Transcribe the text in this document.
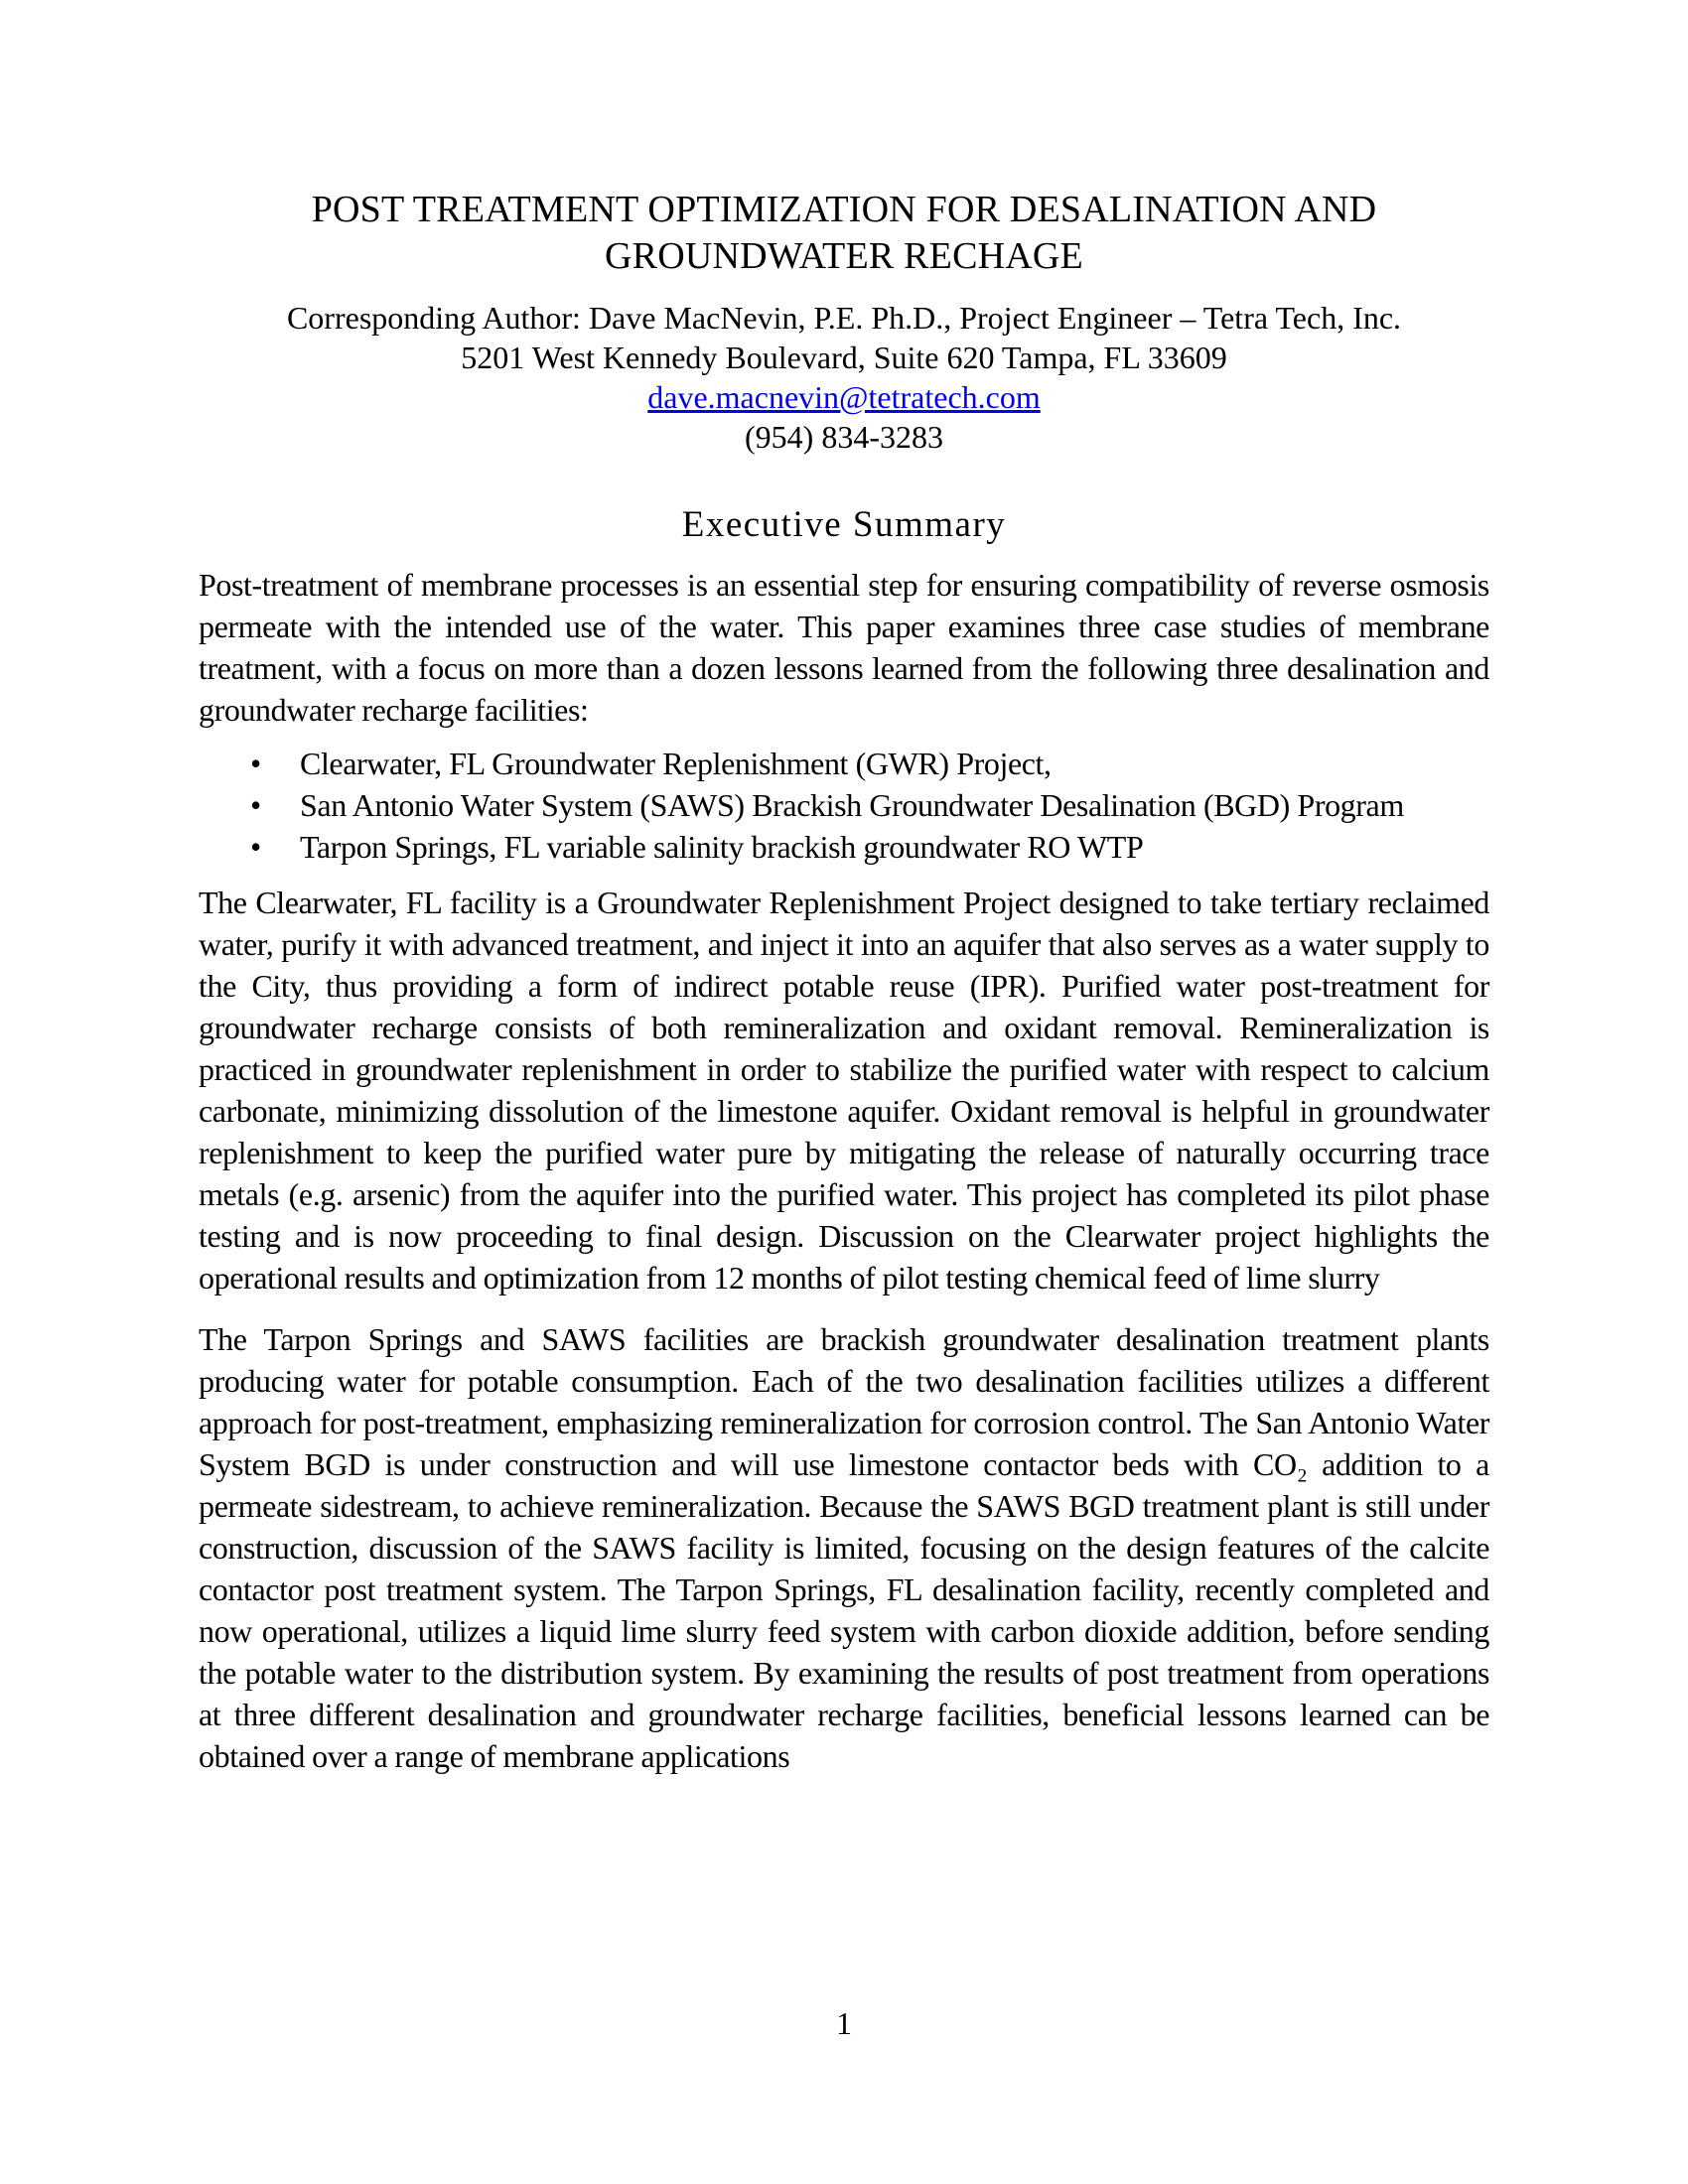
POST TREATMENT OPTIMIZATION FOR DESALINATION AND
GROUNDWATER RECHAGE
Corresponding Author: Dave MacNevin, P.E. Ph.D., Project Engineer – Tetra Tech, Inc.
5201 West Kennedy Boulevard, Suite 620 Tampa, FL 33609
dave.macnevin@tetratech.com
(954) 834-3283
Executive Summary

Post-treatment of membrane processes is an essential step for ensuring compatibility of reverse osmosis permeate with the intended use of the water. This paper examines three case studies of membrane treatment, with a focus on more than a dozen lessons learned from the following three desalination and groundwater recharge facilities:

• Clearwater, FL Groundwater Replenishment (GWR) Project,
• San Antonio Water System (SAWS) Brackish Groundwater Desalination (BGD) Program
• Tarpon Springs, FL variable salinity brackish groundwater RO WTP

The Clearwater, FL facility is a Groundwater Replenishment Project designed to take tertiary reclaimed water, purify it with advanced treatment, and inject it into an aquifer that also serves as a water supply to the City, thus providing a form of indirect potable reuse (IPR). Purified water post-treatment for groundwater recharge consists of both remineralization and oxidant removal. Remineralization is practiced in groundwater replenishment in order to stabilize the purified water with respect to calcium carbonate, minimizing dissolution of the limestone aquifer. Oxidant removal is helpful in groundwater replenishment to keep the purified water pure by mitigating the release of naturally occurring trace metals (e.g. arsenic) from the aquifer into the purified water. This project has completed its pilot phase testing and is now proceeding to final design. Discussion on the Clearwater project highlights the operational results and optimization from 12 months of pilot testing chemical feed of lime slurry

The Tarpon Springs and SAWS facilities are brackish groundwater desalination treatment plants producing water for potable consumption. Each of the two desalination facilities utilizes a different approach for post-treatment, emphasizing remineralization for corrosion control. The San Antonio Water System BGD is under construction and will use limestone contactor beds with CO₂ addition to a permeate sidestream, to achieve remineralization. Because the SAWS BGD treatment plant is still under construction, discussion of the SAWS facility is limited, focusing on the design features of the calcite contactor post treatment system. The Tarpon Springs, FL desalination facility, recently completed and now operational, utilizes a liquid lime slurry feed system with carbon dioxide addition, before sending the potable water to the distribution system. By examining the results of post treatment from operations at three different desalination and groundwater recharge facilities, beneficial lessons learned can be obtained over a range of membrane applications

1
